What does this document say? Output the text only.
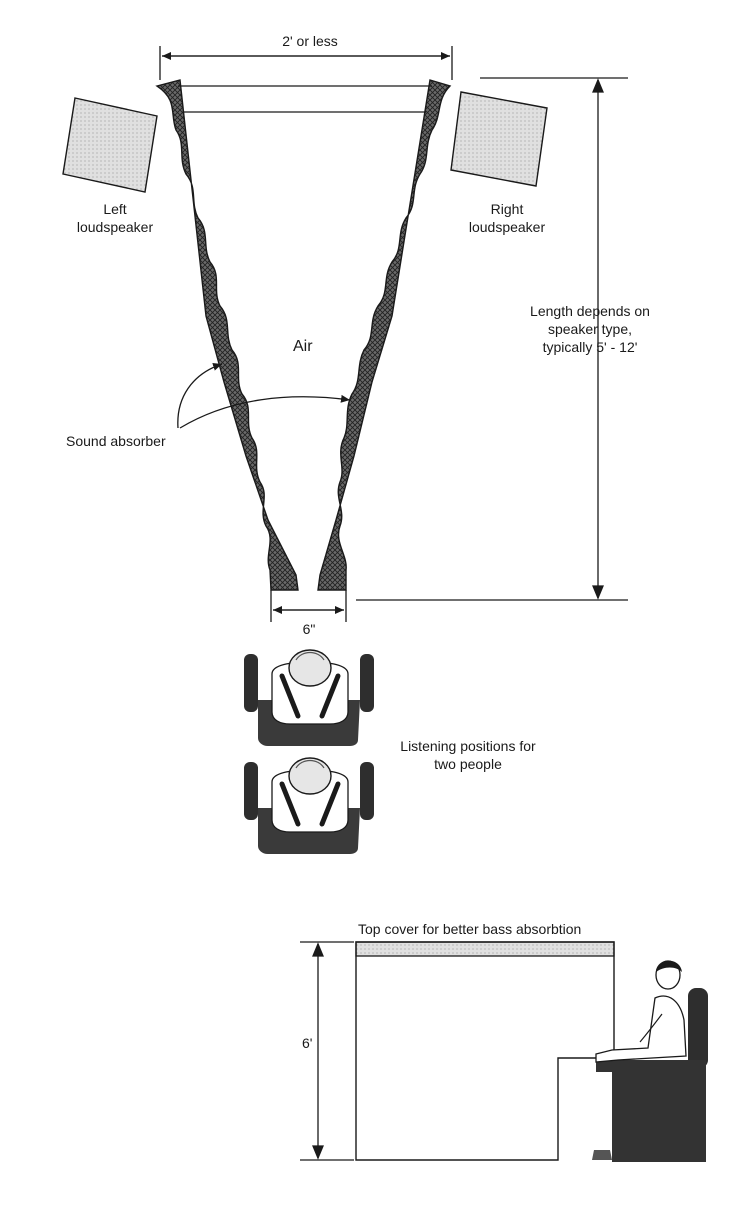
2' or less
Left
loudspeaker
Right
loudspeaker
Length depends on
speaker type,
typically 5' - 12'
Air
Sound absorber
6"
Listening positions for
two people
Top cover for better bass absorbtion
6'
